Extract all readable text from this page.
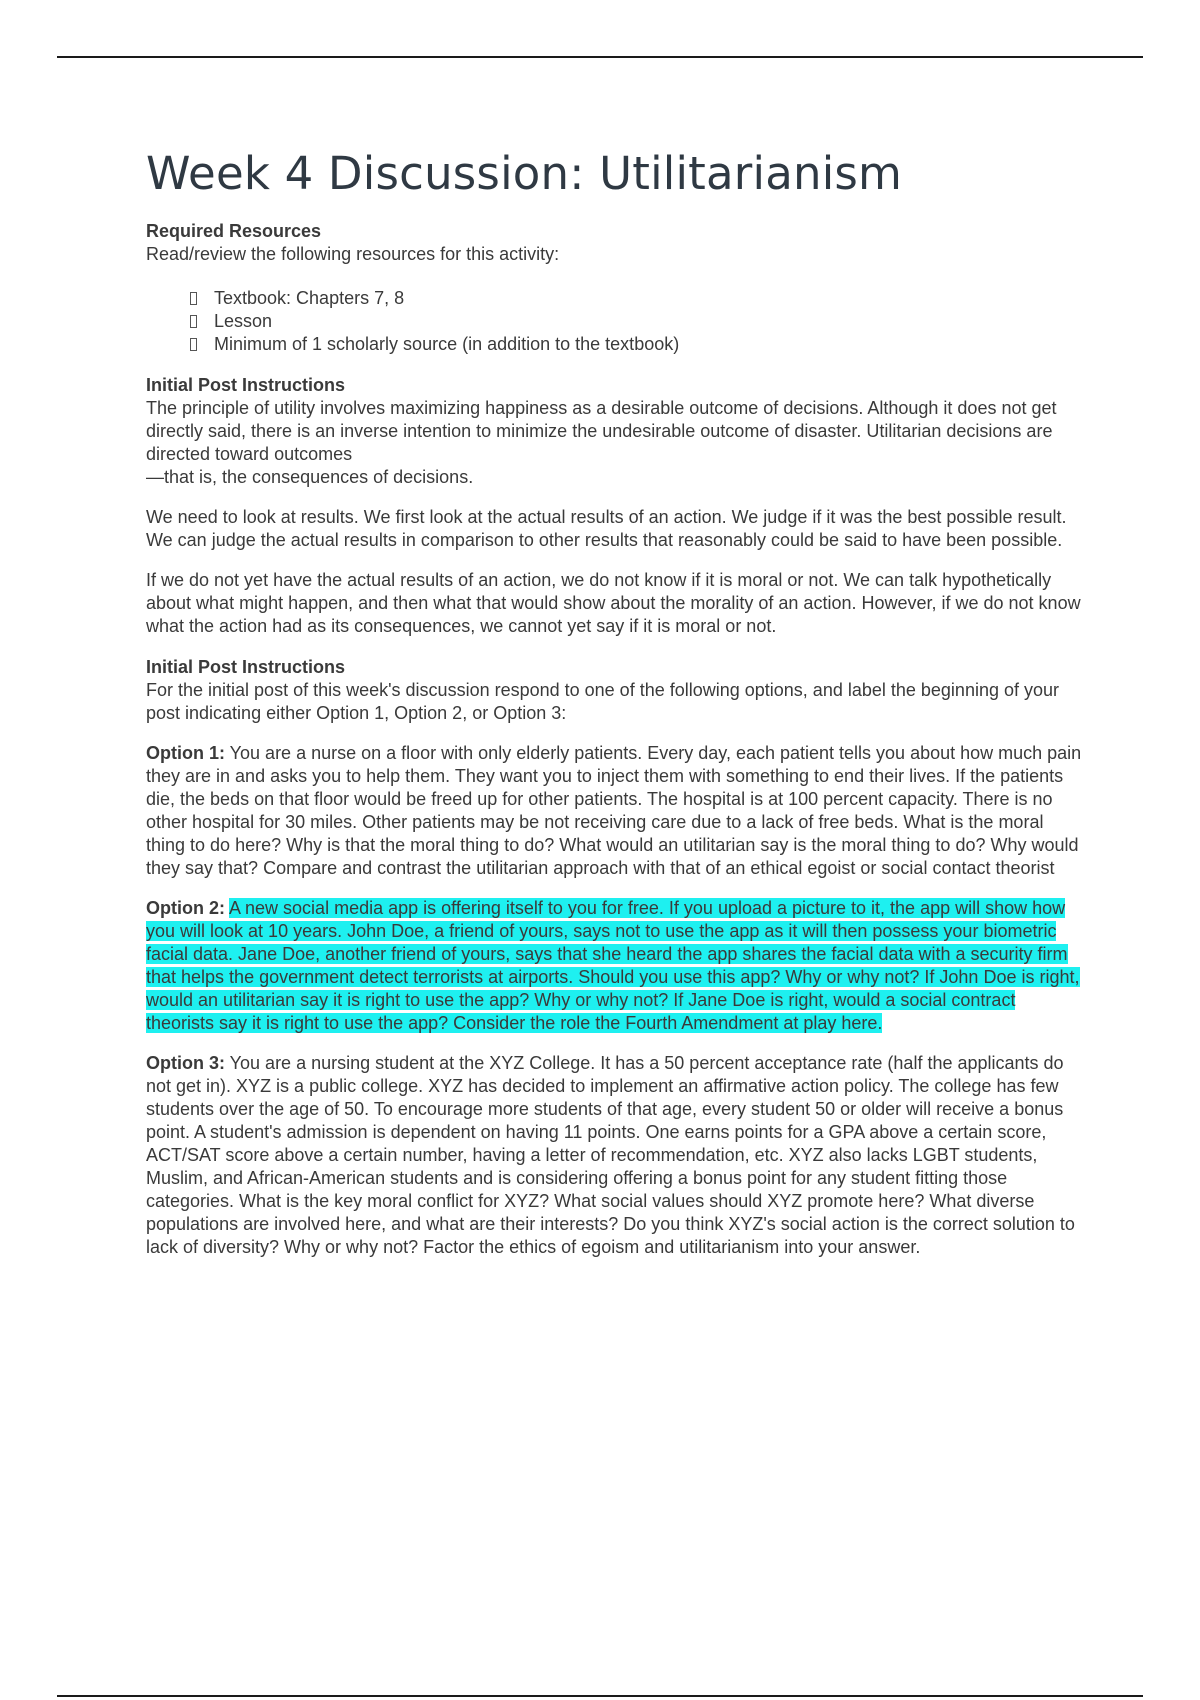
Week 4 Discussion: Utilitarianism
Required Resources

Read/review the following resources for this activity:

Textbook: Chapters 7, 8
Lesson
Minimum of 1 scholarly source (in addition to the textbook)
Initial Post Instructions

The principle of utility involves maximizing happiness as a desirable outcome of decisions. Although it does not get directly said, there is an inverse intention to minimize the undesirable outcome of disaster. Utilitarian decisions are directed toward outcomes
—that is, the consequences of decisions.

We need to look at results. We first look at the actual results of an action. We judge if it was the best possible result. We can judge the actual results in comparison to other results that reasonably could be said to have been possible.

If we do not yet have the actual results of an action, we do not know if it is moral or not. We can talk hypothetically about what might happen, and then what that would show about the morality of an action. However, if we do not know what the action had as its consequences, we cannot yet say if it is moral or not.

Initial Post Instructions

For the initial post of this week's discussion respond to one of the following options, and label the beginning of your post indicating either Option 1, Option 2, or Option 3:

Option 1: You are a nurse on a floor with only elderly patients. Every day, each patient tells you about how much pain they are in and asks you to help them. They want you to inject them with something to end their lives. If the patients die, the beds on that floor would be freed up for other patients. The hospital is at 100 percent capacity. There is no other hospital for 30 miles. Other patients may be not receiving care due to a lack of free beds. What is the moral thing to do here? Why is that the moral thing to do? What would an utilitarian say is the moral thing to do? Why would they say that? Compare and contrast the utilitarian approach with that of an ethical egoist or social contact theorist

Option 2: A new social media app is offering itself to you for free. If you upload a picture to it, the app will show how you will look at 10 years. John Doe, a friend of yours, says not to use the app as it will then possess your biometric facial data. Jane Doe, another friend of yours, says that she heard the app shares the facial data with a security firm that helps the government detect terrorists at airports. Should you use this app? Why or why not? If John Doe is right, would an utilitarian say it is right to use the app? Why or why not? If Jane Doe is right, would a social contract theorists say it is right to use the app? Consider the role the Fourth Amendment at play here.

Option 3: You are a nursing student at the XYZ College. It has a 50 percent acceptance rate (half the applicants do not get in). XYZ is a public college. XYZ has decided to implement an affirmative action policy. The college has few students over the age of 50. To encourage more students of that age, every student 50 or older will receive a bonus point. A student's admission is dependent on having 11 points. One earns points for a GPA above a certain score, ACT/SAT score above a certain number, having a letter of recommendation, etc. XYZ also lacks LGBT students, Muslim, and African-American students and is considering offering a bonus point for any student fitting those categories. What is the key moral conflict for XYZ? What social values should XYZ promote here? What diverse populations are involved here, and what are their interests? Do you think XYZ's social action is the correct solution to lack of diversity? Why or why not? Factor the ethics of egoism and utilitarianism into your answer.
